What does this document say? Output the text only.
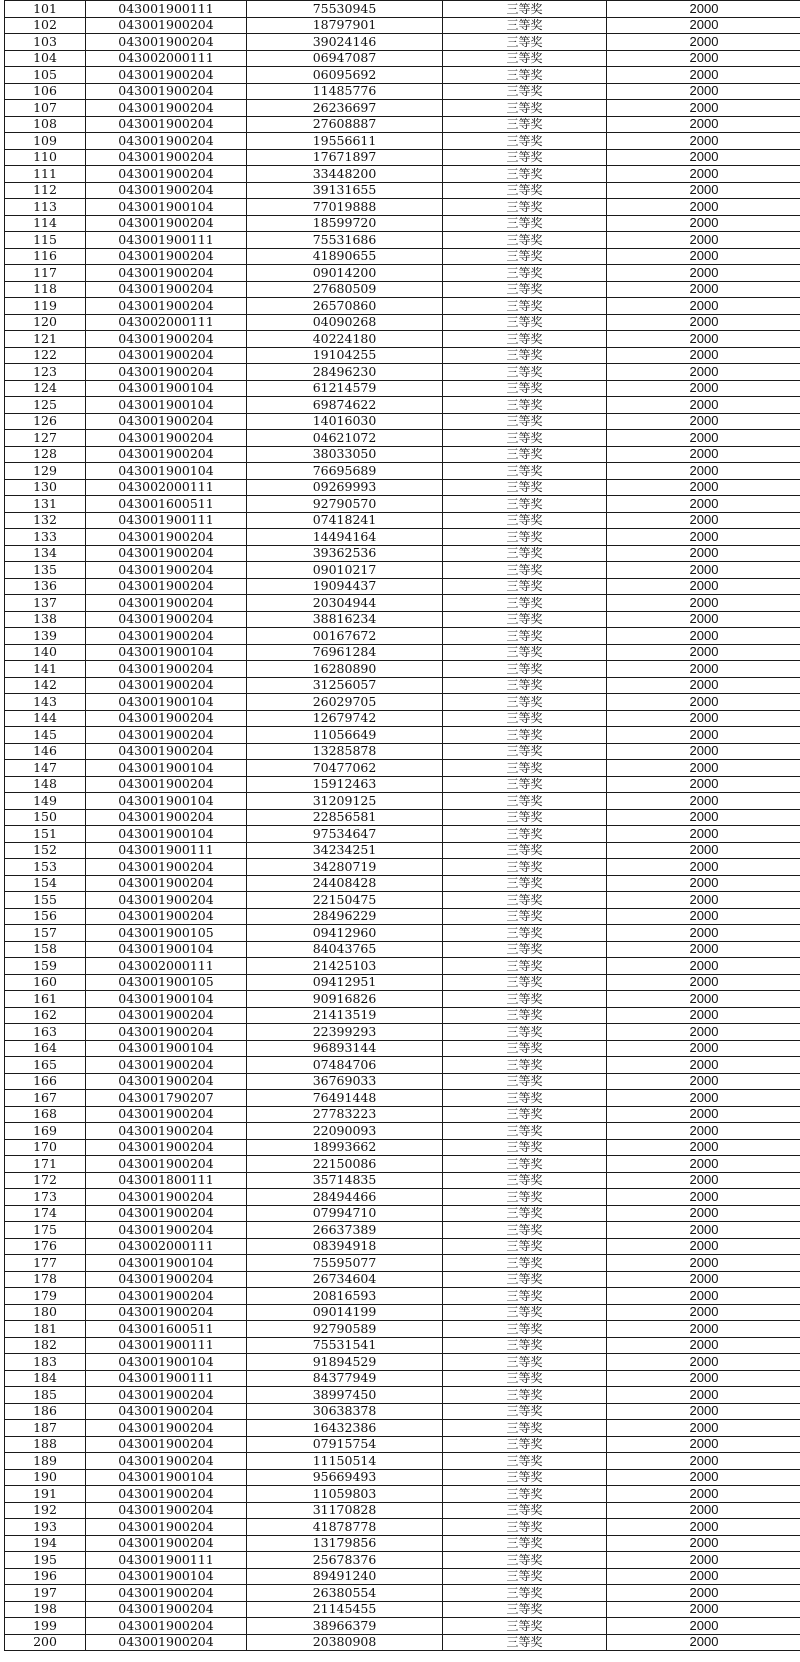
101	043001900111	75530945	三等奖	2000
102	043001900204	18797901	三等奖	2000
103	043001900204	39024146	三等奖	2000
104	043002000111	06947087	三等奖	2000
105	043001900204	06095692	三等奖	2000
106	043001900204	11485776	三等奖	2000
107	043001900204	26236697	三等奖	2000
108	043001900204	27608887	三等奖	2000
109	043001900204	19556611	三等奖	2000
110	043001900204	17671897	三等奖	2000
111	043001900204	33448200	三等奖	2000
112	043001900204	39131655	三等奖	2000
113	043001900104	77019888	三等奖	2000
114	043001900204	18599720	三等奖	2000
115	043001900111	75531686	三等奖	2000
116	043001900204	41890655	三等奖	2000
117	043001900204	09014200	三等奖	2000
118	043001900204	27680509	三等奖	2000
119	043001900204	26570860	三等奖	2000
120	043002000111	04090268	三等奖	2000
121	043001900204	40224180	三等奖	2000
122	043001900204	19104255	三等奖	2000
123	043001900204	28496230	三等奖	2000
124	043001900104	61214579	三等奖	2000
125	043001900104	69874622	三等奖	2000
126	043001900204	14016030	三等奖	2000
127	043001900204	04621072	三等奖	2000
128	043001900204	38033050	三等奖	2000
129	043001900104	76695689	三等奖	2000
130	043002000111	09269993	三等奖	2000
131	043001600511	92790570	三等奖	2000
132	043001900111	07418241	三等奖	2000
133	043001900204	14494164	三等奖	2000
134	043001900204	39362536	三等奖	2000
135	043001900204	09010217	三等奖	2000
136	043001900204	19094437	三等奖	2000
137	043001900204	20304944	三等奖	2000
138	043001900204	38816234	三等奖	2000
139	043001900204	00167672	三等奖	2000
140	043001900104	76961284	三等奖	2000
141	043001900204	16280890	三等奖	2000
142	043001900204	31256057	三等奖	2000
143	043001900104	26029705	三等奖	2000
144	043001900204	12679742	三等奖	2000
145	043001900204	11056649	三等奖	2000
146	043001900204	13285878	三等奖	2000
147	043001900104	70477062	三等奖	2000
148	043001900204	15912463	三等奖	2000
149	043001900104	31209125	三等奖	2000
150	043001900204	22856581	三等奖	2000
151	043001900104	97534647	三等奖	2000
152	043001900111	34234251	三等奖	2000
153	043001900204	34280719	三等奖	2000
154	043001900204	24408428	三等奖	2000
155	043001900204	22150475	三等奖	2000
156	043001900204	28496229	三等奖	2000
157	043001900105	09412960	三等奖	2000
158	043001900104	84043765	三等奖	2000
159	043002000111	21425103	三等奖	2000
160	043001900105	09412951	三等奖	2000
161	043001900104	90916826	三等奖	2000
162	043001900204	21413519	三等奖	2000
163	043001900204	22399293	三等奖	2000
164	043001900104	96893144	三等奖	2000
165	043001900204	07484706	三等奖	2000
166	043001900204	36769033	三等奖	2000
167	043001790207	76491448	三等奖	2000
168	043001900204	27783223	三等奖	2000
169	043001900204	22090093	三等奖	2000
170	043001900204	18993662	三等奖	2000
171	043001900204	22150086	三等奖	2000
172	043001800111	35714835	三等奖	2000
173	043001900204	28494466	三等奖	2000
174	043001900204	07994710	三等奖	2000
175	043001900204	26637389	三等奖	2000
176	043002000111	08394918	三等奖	2000
177	043001900104	75595077	三等奖	2000
178	043001900204	26734604	三等奖	2000
179	043001900204	20816593	三等奖	2000
180	043001900204	09014199	三等奖	2000
181	043001600511	92790589	三等奖	2000
182	043001900111	75531541	三等奖	2000
183	043001900104	91894529	三等奖	2000
184	043001900111	84377949	三等奖	2000
185	043001900204	38997450	三等奖	2000
186	043001900204	30638378	三等奖	2000
187	043001900204	16432386	三等奖	2000
188	043001900204	07915754	三等奖	2000
189	043001900204	11150514	三等奖	2000
190	043001900104	95669493	三等奖	2000
191	043001900204	11059803	三等奖	2000
192	043001900204	31170828	三等奖	2000
193	043001900204	41878778	三等奖	2000
194	043001900204	13179856	三等奖	2000
195	043001900111	25678376	三等奖	2000
196	043001900104	89491240	三等奖	2000
197	043001900204	26380554	三等奖	2000
198	043001900204	21145455	三等奖	2000
199	043001900204	38966379	三等奖	2000
200	043001900204	20380908	三等奖	2000
